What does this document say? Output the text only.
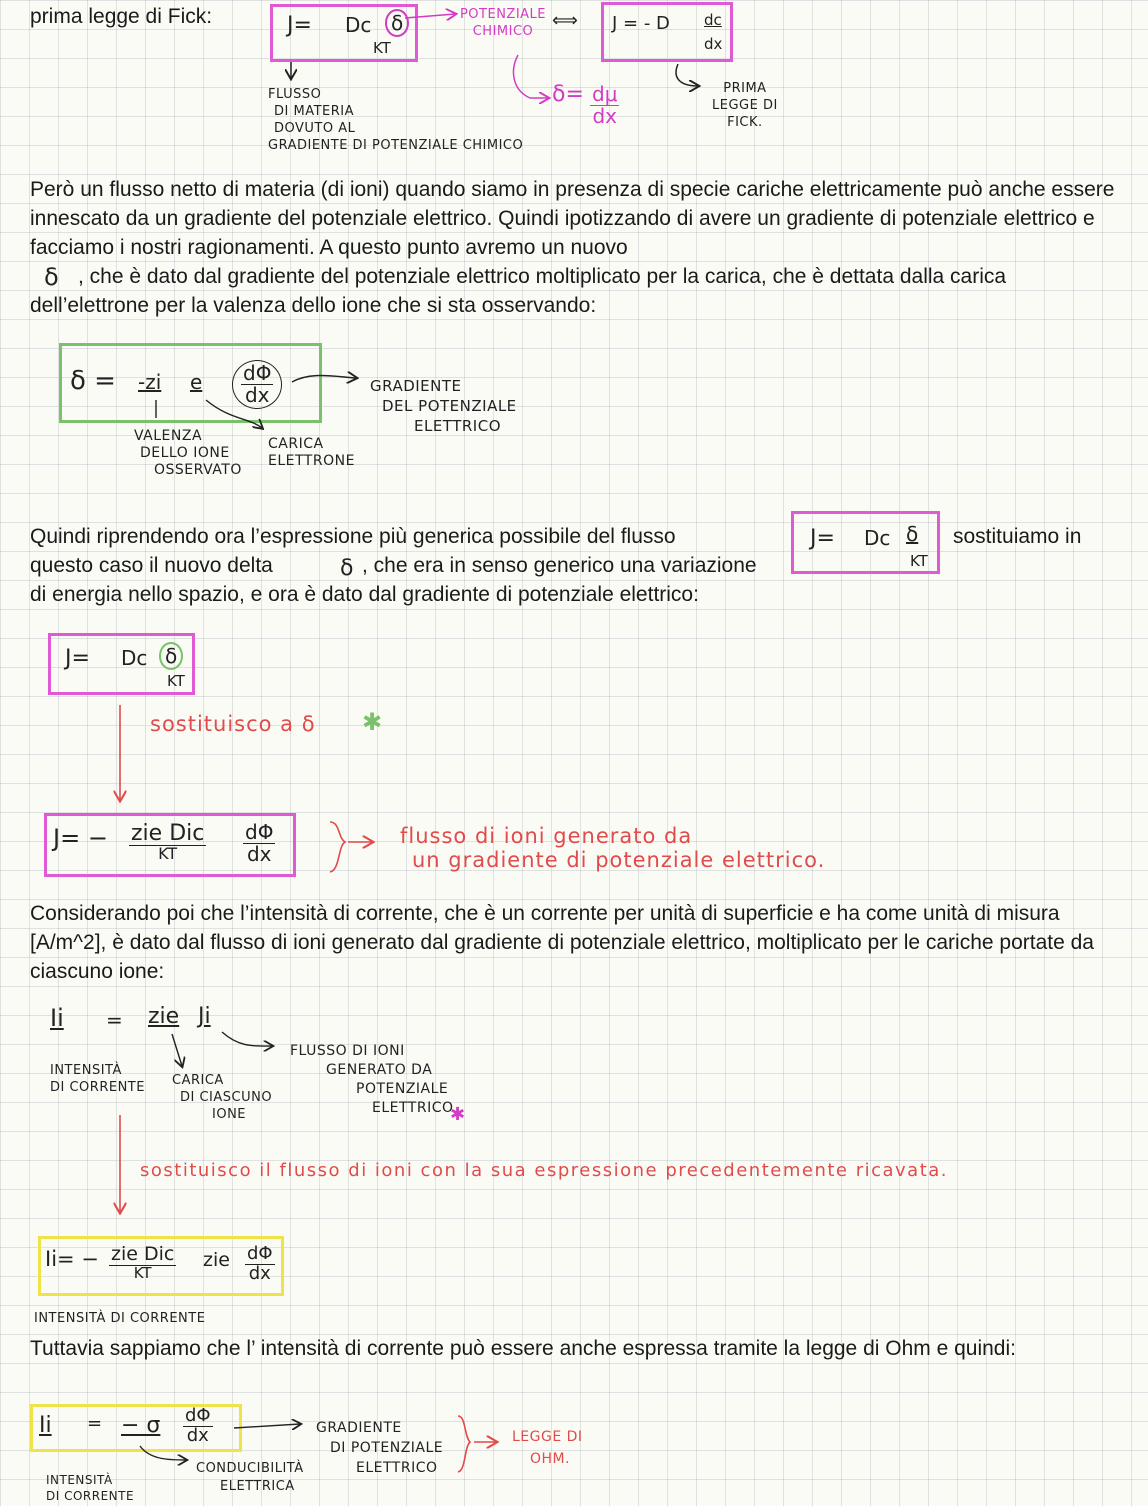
prima legge di Fick:	J= Dc δ
KT
POTENZIALE CHIMICO
⟺ J = - D dc
dx
$\delta= \frac{d\mu}{dx}$
FLUSSO
DI MATERIA
DOVUTO AL
GRADIENTE DI POTENZIALE CHIMICO
PRIMA
LEGGE DI
FICK.

Però un flusso netto di materia (di ioni) quando siamo in presenza di specie cariche elettricamente può anche essere innescato da un gradiente del potenziale elettrico. Quindi ipotizzando di avere un gradiente di potenziale elettrico e facciamo i nostri ragionamenti. A questo punto avremo un nuovo

δ , che è dato dal gradiente del potenziale elettrico moltiplicato per la carica, che è dettata dalla carica dell’elettrone per la valenza dello ione che si sta osservando:

δ = -zi e $\frac{d\Phi}{dx}$	GRADIENTE
DEL POTENZIALE
ELETTRICO
VALENZA
DELLO IONE
OSSERVATO
CARICA
ELETTRONE
Quindi riprendendo ora l’espressione più generica possibile del flusso	J= Dc δ
KT
sostituiamo in
questo caso il nuovo delta	δ , che era in senso generico una variazione
di energia nello spazio, e ora è dato dal gradiente di potenziale elettrico:
J= Dc δ
KT
sostituisco a δ ✱
$J= - \frac{\text{zie Dic}}{KT} \frac{d\Phi}{dx}$	flusso di ioni generato da
un gradiente di potenziale elettrico.

Considerando poi che l’intensità di corrente, che è un corrente per unità di superficie e ha come unità di misura [A/m^2], è dato dal flusso di ioni generato dal gradiente di potenziale elettrico, moltiplicato per le cariche portate da ciascuno ione:

Ii = zie Ji
FLUSSO DI IONI
GENERATO DA
POTENZIALE
ELETTRICO
✱
INTENSITÀ
DI CORRENTE CARICA
DI CIASCUNO
IONE
sostituisco il flusso di ioni con la sua espressione precedentemente ricavata.
$Ii= - \frac{\text{zie Dic}}{KT}$ zie $\frac{d\Phi}{dx}$
INTENSITÀ DI CORRENTE

Tuttavia sappiamo che l’ intensità di corrente può essere anche espressa tramite la legge di Ohm e quindi:

Ii = − σ $\frac{d\Phi}{dx}$	GRADIENTE
DI POTENZIALE
ELETTRICO
LEGGE DI
OHM.
INTENSITÀ
DI CORRENTE
CONDUCIBILITÀ
ELETTRICA
